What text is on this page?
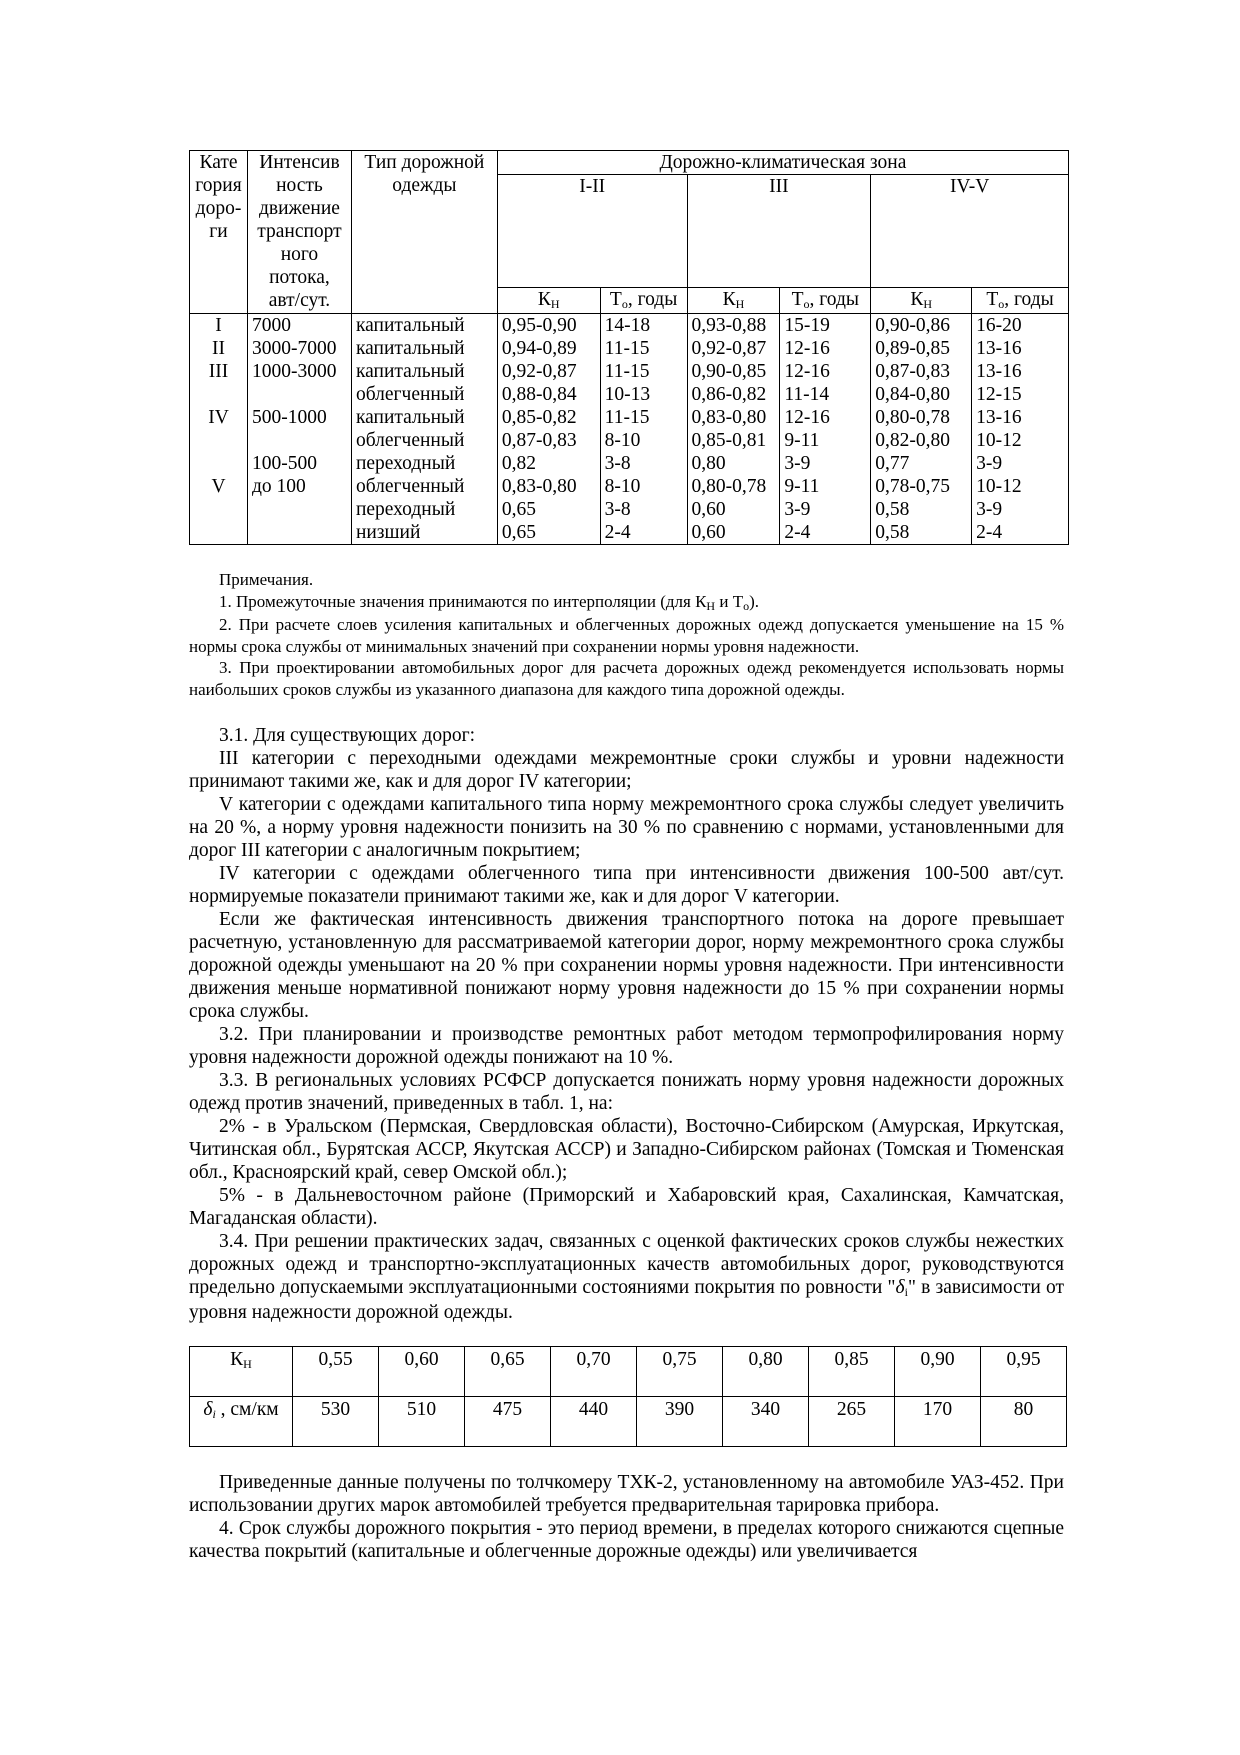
Кате гория доро- ги	Интенсив ность движение транспорт ного потока, авт/сут.	Тип дорожной одежды	Дорожно-климатическая зона					
			I-II		III		IV-V	
			$К_Н$	$Т_о$, годы	$К_Н$	$Т_о$, годы	$К_Н$	$Т_о$, годы
I	7000	капитальный	0,95-0,90	14-18	0,93-0,88	15-19	0,90-0,86	16-20
II	3000-7000	капитальный	0,94-0,89	11-15	0,92-0,87	12-16	0,89-0,85	13-16
III	1000-3000	капитальный	0,92-0,87	11-15	0,90-0,85	12-16	0,87-0,83	13-16
		облегченный	0,88-0,84	10-13	0,86-0,82	11-14	0,84-0,80	12-15
IV	500-1000	капитальный	0,85-0,82	11-15	0,83-0,80	12-16	0,80-0,78	13-16
		облегченный	0,87-0,83	8-10	0,85-0,81	9-11	0,82-0,80	10-12
	100-500	переходный	0,82	3-8	0,80	3-9	0,77	3-9
V	до 100	облегченный	0,83-0,80	8-10	0,80-0,78	9-11	0,78-0,75	10-12
		переходный	0,65	3-8	0,60	3-9	0,58	3-9
		низший	0,65	2-4	0,60	2-4	0,58	2-4

Примечания.

1. Промежуточные значения принимаются по интерполяции (для $К_Н$ и $Т_о$).

2. При расчете слоев усиления капитальных и облегченных дорожных одежд допускается уменьшение на 15 % нормы срока службы от минимальных значений при сохранении нормы уровня надежности.

3. При проектировании автомобильных дорог для расчета дорожных одежд рекомендуется использовать нормы наибольших сроков службы из указанного диапазона для каждого типа дорожной одежды.

3.1. Для существующих дорог:

III категории с переходными одеждами межремонтные сроки службы и уровни надежности принимают такими же, как и для дорог IV категории;

V категории с одеждами капитального типа норму межремонтного срока службы следует увеличить на 20 %, а норму уровня надежности понизить на 30 % по сравнению с нормами, установленными для дорог III категории с аналогичным покрытием;

IV категории с одеждами облегченного типа при интенсивности движения 100-500 авт/сут. нормируемые показатели принимают такими же, как и для дорог V категории.

Если же фактическая интенсивность движения транспортного потока на дороге превышает расчетную, установленную для рассматриваемой категории дорог, норму межремонтного срока службы дорожной одежды уменьшают на 20 % при сохранении нормы уровня надежности. При интенсивности движения меньше нормативной понижают норму уровня надежности до 15 % при сохранении нормы срока службы.

3.2. При планировании и производстве ремонтных работ методом термопрофилирования норму уровня надежности дорожной одежды понижают на 10 %.

3.3. В региональных условиях РСФСР допускается понижать норму уровня надежности дорожных одежд против значений, приведенных в табл. 1, на:

2% - в Уральском (Пермская, Свердловская области), Восточно-Сибирском (Амурская, Иркутская, Читинская обл., Бурятская АССР, Якутская АССР) и Западно-Сибирском районах (Томская и Тюменская обл., Красноярский край, север Омской обл.);

5% - в Дальневосточном районе (Приморский и Хабаровский края, Сахалинская, Камчатская, Магаданская области).

3.4. При решении практических задач, связанных с оценкой фактических сроков службы нежестких дорожных одежд и транспортно-эксплуатационных качеств автомобильных дорог, руководствуются предельно допускаемыми эксплуатационными состояниями покрытия по ровности "$\delta_i$" в зависимости от уровня надежности дорожной одежды.

$К_Н$	0,55	0,60	0,65	0,70	0,75	0,80	0,85	0,90	0,95
$\delta_i$ , см/км	530	510	475	440	390	340	265	170	80

Приведенные данные получены по толчкомеру ТХК-2, установленному на автомобиле УАЗ-452. При использовании других марок автомобилей требуется предварительная тарировка прибора.

4. Срок службы дорожного покрытия - это период времени, в пределах которого снижаются сцепные качества покрытий (капитальные и облегченные дорожные одежды) или увеличивается
